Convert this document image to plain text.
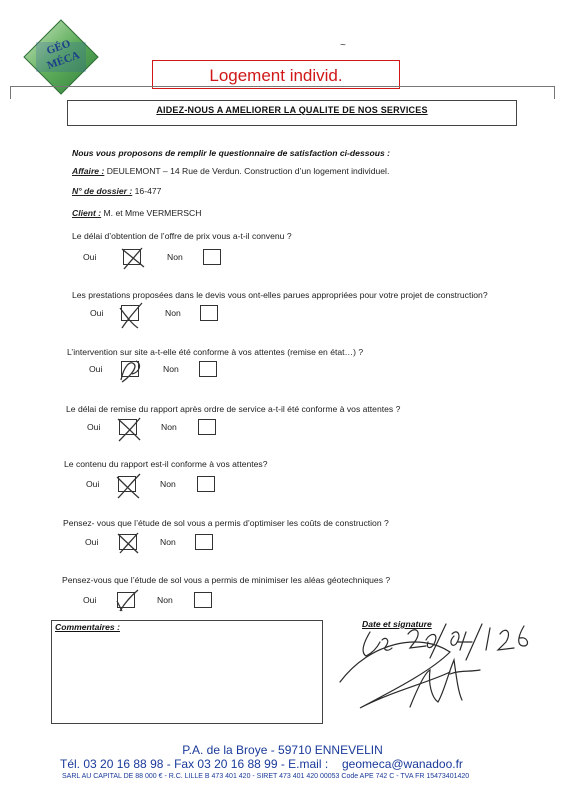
GÉO MÉCA
~
Logement individ.
AIDEZ-NOUS A AMELIORER LA QUALITE DE NOS SERVICES
Nous vous proposons de remplir le questionnaire de satisfaction ci-dessous :
Affaire : DEULEMONT – 14 Rue de Verdun. Construction d’un logement individuel.
N° de dossier : 16-477
Client : M. et Mme VERMERSCH
Le délai d’obtention de l’offre de prix vous a-t-il convenu ?
Oui	Non
Les prestations proposées dans le devis vous ont-elles parues appropriées pour votre projet de construction?
Oui	Non
L’intervention sur site a-t-elle été conforme à vos attentes (remise en état…) ?
Oui	Non
Le délai de remise du rapport après ordre de service a-t-il été conforme à vos attentes ?
Oui	Non
Le contenu du rapport est-il conforme à vos attentes?
Oui	Non
Pensez- vous que l’étude de sol vous a permis d’optimiser les coûts de construction ?
Oui	Non
Pensez-vous que l’étude de sol vous a permis de minimiser les aléas géotechniques ?
Oui	Non
Commentaires :	Date et signature
P.A. de la Broye - 59710 ENNEVELIN
Tél. 03 20 16 88 98 - Fax 03 20 16 88 99 - E.mail : geomeca@wanadoo.fr
SARL AU CAPITAL DE 88 000 € - R.C. LILLE B 473 401 420 - SIRET 473 401 420 00053 Code APE 742 C - TVA FR 15473401420
